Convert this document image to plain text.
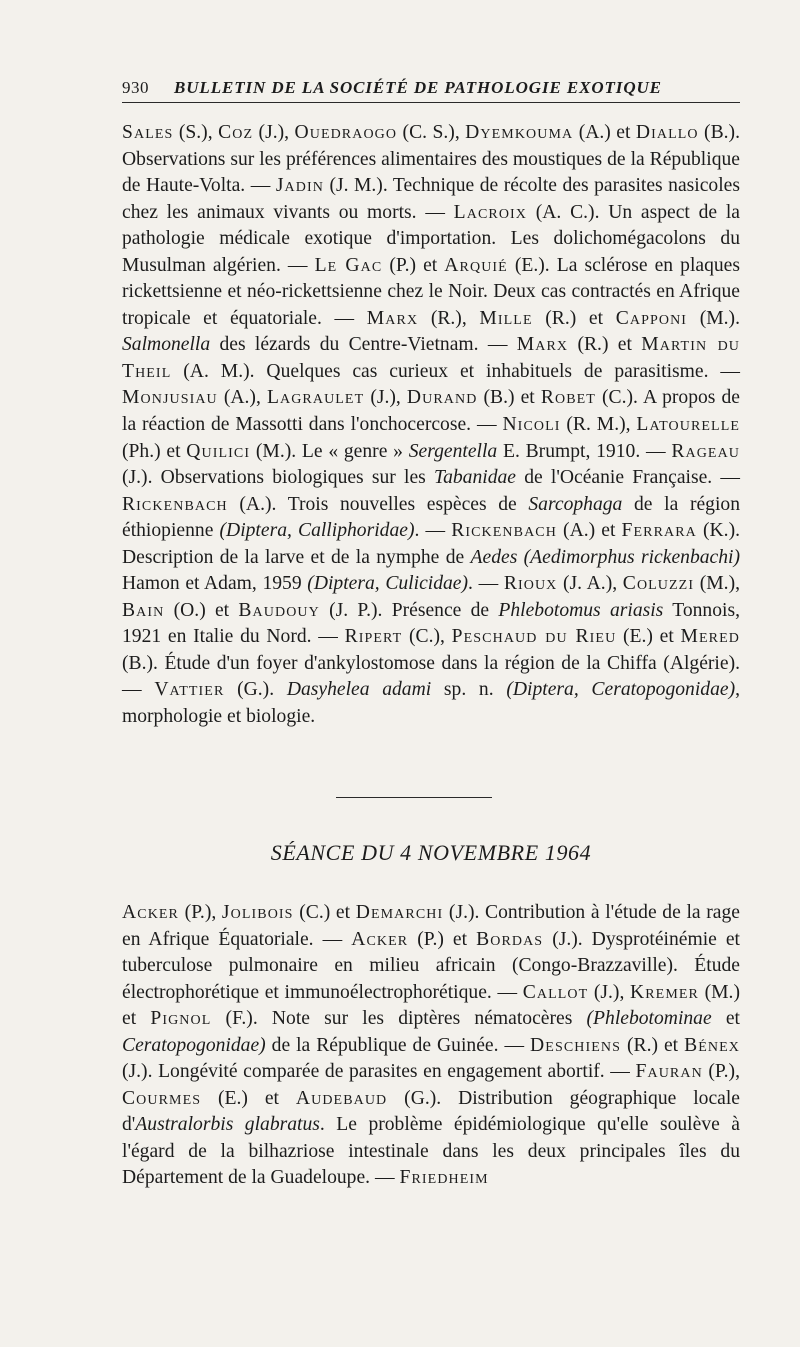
930 BULLETIN DE LA SOCIÉTÉ DE PATHOLOGIE EXOTIQUE
Sales (S.), Coz (J.), Ouedraogo (C. S.), Dyemkouma (A.) et Diallo (B.). Observations sur les préférences alimentaires des moustiques de la République de Haute-Volta. — Jadin (J. M.). Technique de récolte des parasites nasicoles chez les animaux vivants ou morts. — Lacroix (A. C.). Un aspect de la pathologie médicale exotique d'importation. Les dolichomégacolons du Musulman algérien. — Le Gac (P.) et Arquié (E.). La sclérose en plaques rickettsienne et néo-rickettsienne chez le Noir. Deux cas contractés en Afrique tropicale et équatoriale. — Marx (R.), Mille (R.) et Capponi (M.). Salmonella des lézards du Centre-Vietnam. — Marx (R.) et Martin du Theil (A. M.). Quelques cas curieux et inhabituels de parasitisme. — Monjusiau (A.), Lagraulet (J.), Durand (B.) et Robet (C.). A propos de la réaction de Massotti dans l'onchocercose. — Nicoli (R. M.), Latourelle (Ph.) et Quilici (M.). Le « genre » Sergentella E. Brumpt, 1910. — Rageau (J.). Observations biologiques sur les Tabanidae de l'Océanie Française. — Rickenbach (A.). Trois nouvelles espèces de Sarcophaga de la région éthiopienne (Diptera, Calliphoridae). — Rickenbach (A.) et Ferrara (K.). Description de la larve et de la nymphe de Aedes (Aedimorphus rickenbachi) Hamon et Adam, 1959 (Diptera, Culicidae). — Rioux (J. A.), Coluzzi (M.), Bain (O.) et Baudouy (J. P.). Présence de Phlebotomus ariasis Tonnois, 1921 en Italie du Nord. — Ripert (C.), Peschaud du Rieu (E.) et Mered (B.). Étude d'un foyer d'ankylostomose dans la région de la Chiffa (Algérie). — Vattier (G.). Dasyhelea adami sp. n. (Diptera, Ceratopogonidae), morphologie et biologie.
SÉANCE DU 4 NOVEMBRE 1964
Acker (P.), Jolibois (C.) et Demarchi (J.). Contribution à l'étude de la rage en Afrique Équatoriale. — Acker (P.) et Bordas (J.). Dysprotéinémie et tuberculose pulmonaire en milieu africain (Congo-Brazzaville). Étude électrophorétique et immunoélectrophorétique. — Callot (J.), Kremer (M.) et Pignol (F.). Note sur les diptères nématocères (Phlebotominae et Ceratopogonidae) de la République de Guinée. — Deschiens (R.) et Bénex (J.). Longévité comparée de parasites en engagement abortif. — Fauran (P.), Courmes (E.) et Audebaud (G.). Distribution géographique locale d'Australorbis glabratus. Le problème épidémiologique qu'elle soulève à l'égard de la bilhazriose intestinale dans les deux principales îles du Département de la Guadeloupe. — Friedheim
